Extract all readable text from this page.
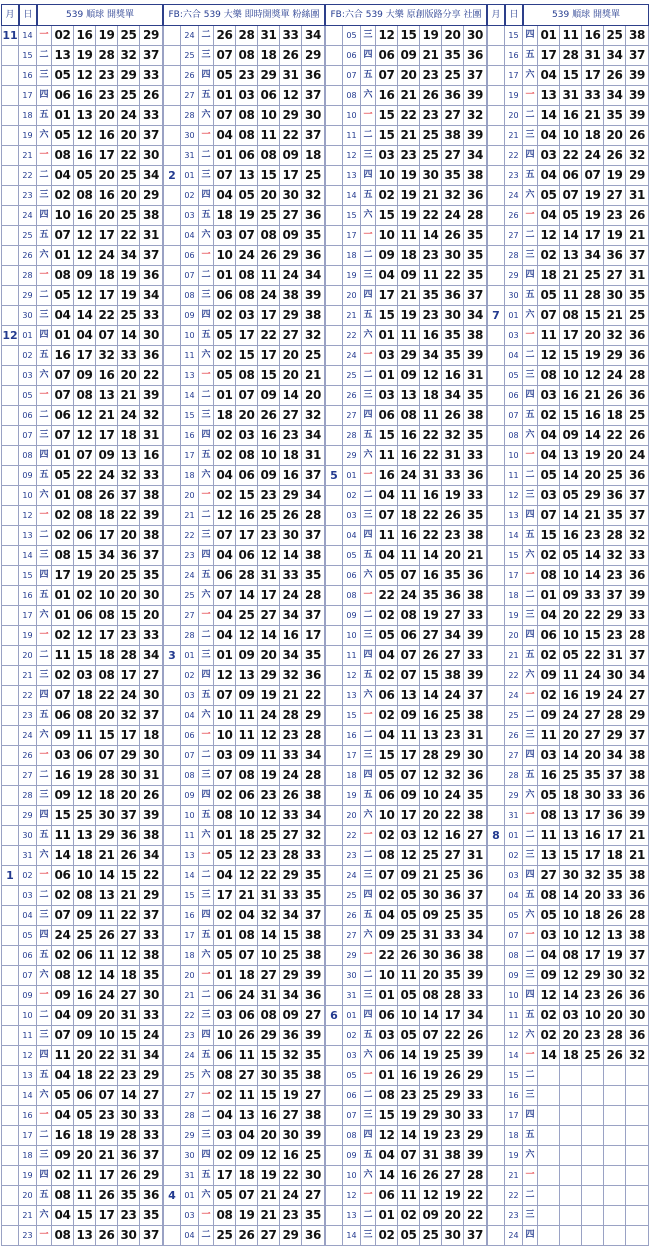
月 日	539 順球 開獎單
11 14 一 02 16 19 25 29
15 二 13 19 28 32 37
16 三 05 12 23 29 33
17 四 06 16 23 25 26
18 五 01 13 20 24 33
19 六 05 12 16 20 37
21 一 08 16 17 22 30
22 二 04 05 20 25 34
23 三 02 08 16 20 29
24 四 10 16 20 25 38
25 五 07 12 17 22 31
26 六 01 12 24 34 37
28 一 08 09 18 19 36
29 二 05 12 17 19 34
30 三 04 14 22 25 33
12 01 四 01 04 07 14 30
02 五 16 17 32 33 36
03 六 07 09 16 20 22
05 一 07 08 13 21 39
06 二 06 12 21 24 32
07 三 07 12 17 18 31
08 四 01 07 09 13 16
09 五 05 22 24 32 33
10 六 01 08 26 37 38
12 一 02 08 18 22 39
13 二 02 06 17 20 38
14 三 08 15 34 36 37
15 四 17 19 20 25 35
16 五 01 02 10 20 30
17 六 01 06 08 15 20
19 一 02 12 17 23 33
20 二 11 15 18 28 34
21 三 02 03 08 17 27
22 四 07 18 22 24 30
23 五 06 08 20 32 37
24 六 09 11 15 17 18
26 一 03 06 07 29 30
27 二 16 19 28 30 31
28 三 09 12 18 20 26
29 四 15 25 30 37 39
30 五 11 13 29 36 38
31 六 14 18 21 26 34
1	02 一 06 10 14 15 22
03 二 02 08 13 21 29
04 三 07 09 11 22 37
05 四 24 25 26 27 33
06 五 02 06 11 12 38
07 六 08 12 14 18 35
09 一 09 16 24 27 30
10 二 04 09 20 31 33
11 三 07 09 10 15 24
12 四 11 20 22 31 34
13 五 04 18 22 23 29
14 六 05 06 07 14 27
16 一 04 05 23 30 33
17 二 16 18 19 28 33
18 三 09 20 21 36 37
19 四 02 11 17 26 29
20 五 08 11 26 35 36
21 六 04 15 17 23 35
23 一 08 13 26 30 37
FB:六合 539 大樂 即時開獎單 粉絲團
24 二 26 28 31 33 34
25 三 07 08 18 26 29
26 四 05 23 29 31 36
27 五 01 03 06 12 37
28 六 07 08 10 29 30
30 一 04 08 11 22 37
31 二 01 06 08 09 18
2	01 三 07 13 15 17 25
02 四 04 05 20 30 32
03 五 18 19 25 27 36
04 六 03 07 08 09 35
06 一 10 24 26 29 36
07 二 01 08 11 24 34
08 三 06 08 24 38 39
09 四 02 03 17 29 38
10 五 05 17 22 27 32
11 六 02 15 17 20 25
13 一 05 08 15 20 21
14 二 01 07 09 14 20
15 三 18 20 26 27 32
16 四 02 03 16 23 34
17 五 02 08 10 18 31
18 六 04 06 09 16 37
20 一 02 15 23 29 34
21 二 12 16 25 26 28
22 三 07 17 23 30 37
23 四 04 06 12 14 38
24 五 06 28 31 33 35
25 六 07 14 17 24 28
27 一 04 25 27 34 37
28 二 04 12 14 16 17
3	01 三 01 09 20 34 35
02 四 12 13 29 32 36
03 五 07 09 19 21 22
04 六 10 11 24 28 29
06 一 10 11 12 23 28
07 二 03 09 11 33 34
08 三 07 08 19 24 28
09 四 02 06 23 26 38
10 五 08 10 12 33 34
11 六 01 18 25 27 32
13 一 05 12 23 28 33
14 二 04 12 22 29 35
15 三 17 21 31 33 35
16 四 02 04 32 34 37
17 五 01 08 14 15 38
18 六 05 07 10 25 38
20 一 01 18 27 29 39
21 二 06 24 31 34 36
22 三 03 06 08 09 27
23 四 10 26 29 36 39
24 五 06 11 15 32 35
25 六 08 27 30 35 38
27 一 02 11 15 19 27
28 二 04 13 16 27 38
29 三 03 04 20 30 39
30 四 02 09 12 16 25
31 五 17 18 19 22 30
4	01 六 05 07 21 24 27
03 一 08 19 21 23 35
04 二 25 26 27 29 36
FB:六合 539 大樂 原創版路分享 社團
05 三 12 15 19 20 30
06 四 06 09 21 35 36
07 五 07 20 23 25 37
08 六 16 21 26 36 39
10 一 15 22 23 27 32
11 二 15 21 25 38 39
12 三 03 23 25 27 34
13 四 10 19 30 35 38
14 五 02 19 21 32 36
15 六 15 19 22 24 28
17 一 10 11 14 26 35
18 二 09 18 23 30 35
19 三 04 09 11 22 35
20 四 17 21 35 36 37
21 五 15 19 23 30 34
22 六 01 11 16 35 38
24 一 03 29 34 35 39
25 二 01 09 12 16 31
26 三 03 13 18 34 35
27 四 06 08 11 26 38
28 五 15 16 22 32 35
29 六 11 16 22 31 33
5	01 一 16 24 31 33 36
02 二 04 11 16 19 33
03 三 07 18 22 26 35
04 四 11 16 22 23 38
05 五 04 11 14 20 21
06 六 05 07 16 35 36
08 一 22 24 35 36 38
09 二 02 08 19 27 33
10 三 05 06 27 34 39
11 四 04 07 26 27 33
12 五 02 07 15 38 39
13 六 06 13 14 24 37
15 一 02 09 16 25 38
16 二 04 11 13 23 31
17 三 15 17 28 29 30
18 四 05 07 12 32 36
19 五 06 09 10 24 35
20 六 10 17 20 22 38
22 一 02 03 12 16 27
23 二 08 12 25 27 31
24 三 07 09 21 25 36
25 四 02 05 30 36 37
26 五 04 05 09 25 35
27 六 09 25 31 33 34
29 一 22 26 30 36 38
30 二 10 11 20 35 39
31 三 01 05 08 28 33
6	01 四 06 10 14 17 34
02 五 03 05 07 22 26
03 六 06 14 19 25 39
05 一 01 16 19 26 29
06 二 08 23 25 29 33
07 三 15 19 29 30 33
08 四 12 14 19 23 29
09 五 04 07 31 38 39
10 六 14 16 26 27 28
12 一 06 11 12 19 22
13 二 01 02 09 20 22
14 三 02 05 25 30 37
月 日	539 順球 開獎單
15 四 01 11 16 25 38
16 五 17 28 31 34 37
17 六 04 15 17 26 39
19 一 13 31 33 34 39
20 二 14 16 21 35 39
21 三 04 10 18 20 26
22 四 03 22 24 26 32
23 五 04 06 07 19 29
24 六 05 07 19 27 31
26 一 04 05 19 23 26
27 二 12 14 17 19 21
28 三 02 13 34 36 37
29 四 18 21 25 27 31
30 五 05 11 28 30 35
7	01 六 07 08 15 21 25
03 一 11 17 20 32 36
04 二 12 15 19 29 36
05 三 08 10 12 24 28
06 四 03 16 21 26 36
07 五 02 15 16 18 25
08 六 04 09 14 22 26
10 一 04 13 19 20 24
11 二 05 14 20 25 36
12 三 03 05 29 36 37
13 四 07 14 21 35 37
14 五 15 16 23 28 32
15 六 02 05 14 32 33
17 一 08 10 14 23 36
18 二 01 09 33 37 39
19 三 04 20 22 29 33
20 四 06 10 15 23 28
21 五 02 05 22 31 37
22 六 09 11 24 30 34
24 一 02 16 19 24 27
25 二 09 24 27 28 29
26 三 11 20 27 29 37
27 四 03 14 20 34 38
28 五 16 25 35 37 38
29 六 05 18 30 33 36
31 一 08 13 17 36 39
8	01 二 11 13 16 17 21
02 三 13 15 17 18 21
03 四 27 30 32 35 38
04 五 08 14 20 33 36
05 六 05 10 18 26 28
07 一 03 10 12 13 38
08 二 04 08 17 19 37
09 三 09 12 29 30 32
10 四 12 14 23 26 36
11 五 02 03 10 20 30
12 六 02 20 23 28 36
14 一 14 18 25 26 32
15 二
16 三
17 四
18 五
19 六
21 一
22 二
23 三
24 四
